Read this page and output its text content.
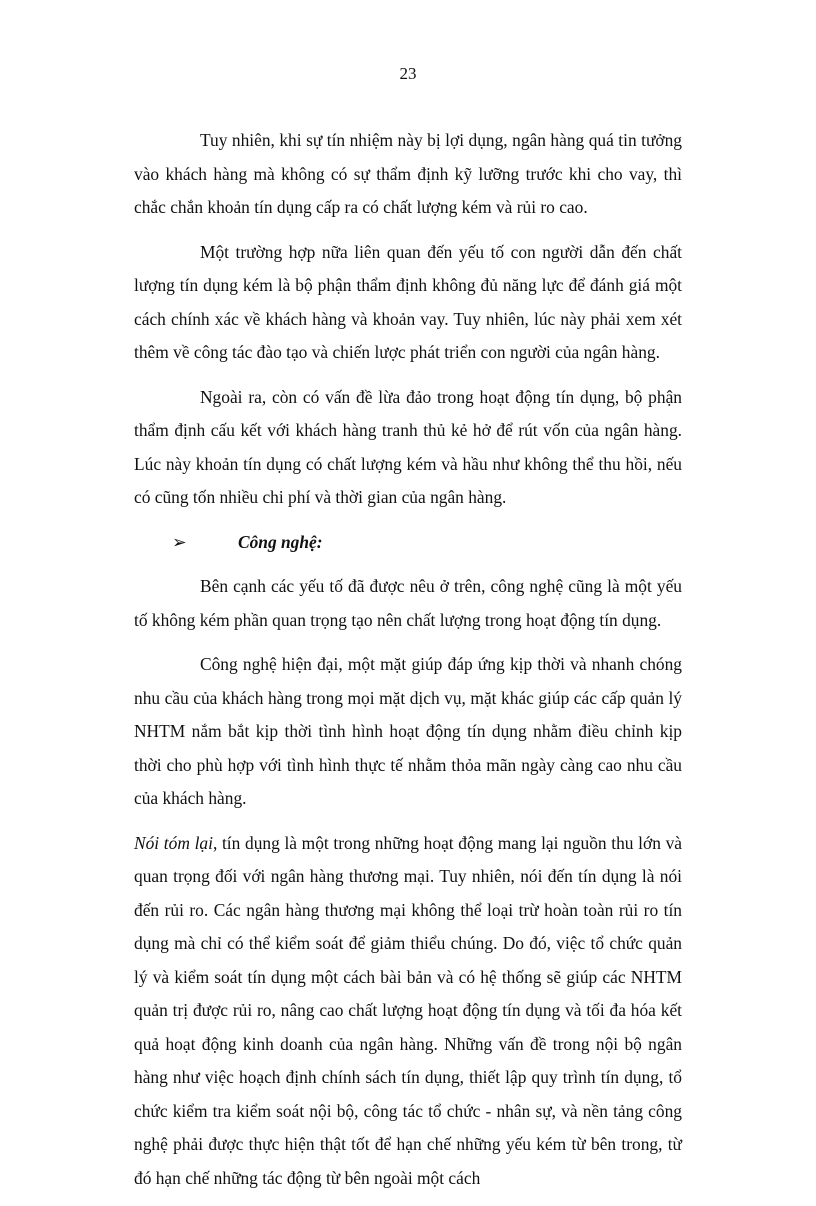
23

Tuy nhiên, khi sự tín nhiệm này bị lợi dụng, ngân hàng quá tin tưởng vào khách hàng mà không có sự thẩm định kỹ lưỡng trước khi cho vay, thì chắc chắn khoản tín dụng cấp ra có chất lượng kém và rủi ro cao.

Một trường hợp nữa liên quan đến yếu tố con người dẫn đến chất lượng tín dụng kém là bộ phận thẩm định không đủ năng lực để đánh giá một cách chính xác về khách hàng và khoản vay. Tuy nhiên, lúc này phải xem xét thêm về công tác đào tạo và chiến lược phát triển con người của ngân hàng.

Ngoài ra, còn có vấn đề lừa đảo trong hoạt động tín dụng, bộ phận thẩm định cấu kết với khách hàng tranh thủ kẻ hở để rút vốn của ngân hàng. Lúc này khoản tín dụng có chất lượng kém và hầu như không thể thu hồi, nếu có cũng tốn nhiều chi phí và thời gian của ngân hàng.

➢	Công nghệ:

Bên cạnh các yếu tố đã được nêu ở trên, công nghệ cũng là một yếu tố không kém phần quan trọng tạo nên chất lượng trong hoạt động tín dụng.

Công nghệ hiện đại, một mặt giúp đáp ứng kịp thời và nhanh chóng nhu cầu của khách hàng trong mọi mặt dịch vụ, mặt khác giúp các cấp quản lý NHTM nắm bắt kịp thời tình hình hoạt động tín dụng nhằm điều chỉnh kịp thời cho phù hợp với tình hình thực tế nhằm thỏa mãn ngày càng cao nhu cầu của khách hàng.

Nói tóm lại, tín dụng là một trong những hoạt động mang lại nguồn thu lớn và quan trọng đối với ngân hàng thương mại. Tuy nhiên, nói đến tín dụng là nói đến rủi ro. Các ngân hàng thương mại không thể loại trừ hoàn toàn rủi ro tín dụng mà chỉ có thể kiểm soát để giảm thiểu chúng. Do đó, việc tổ chức quản lý và kiểm soát tín dụng một cách bài bản và có hệ thống sẽ giúp các NHTM quản trị được rủi ro, nâng cao chất lượng hoạt động tín dụng và tối đa hóa kết quả hoạt động kinh doanh của ngân hàng. Những vấn đề trong nội bộ ngân hàng như việc hoạch định chính sách tín dụng, thiết lập quy trình tín dụng, tổ chức kiểm tra kiểm soát nội bộ, công tác tổ chức - nhân sự, và nền tảng công nghệ phải được thực hiện thật tốt để hạn chế những yếu kém từ bên trong, từ đó hạn chế những tác động từ bên ngoài một cách
